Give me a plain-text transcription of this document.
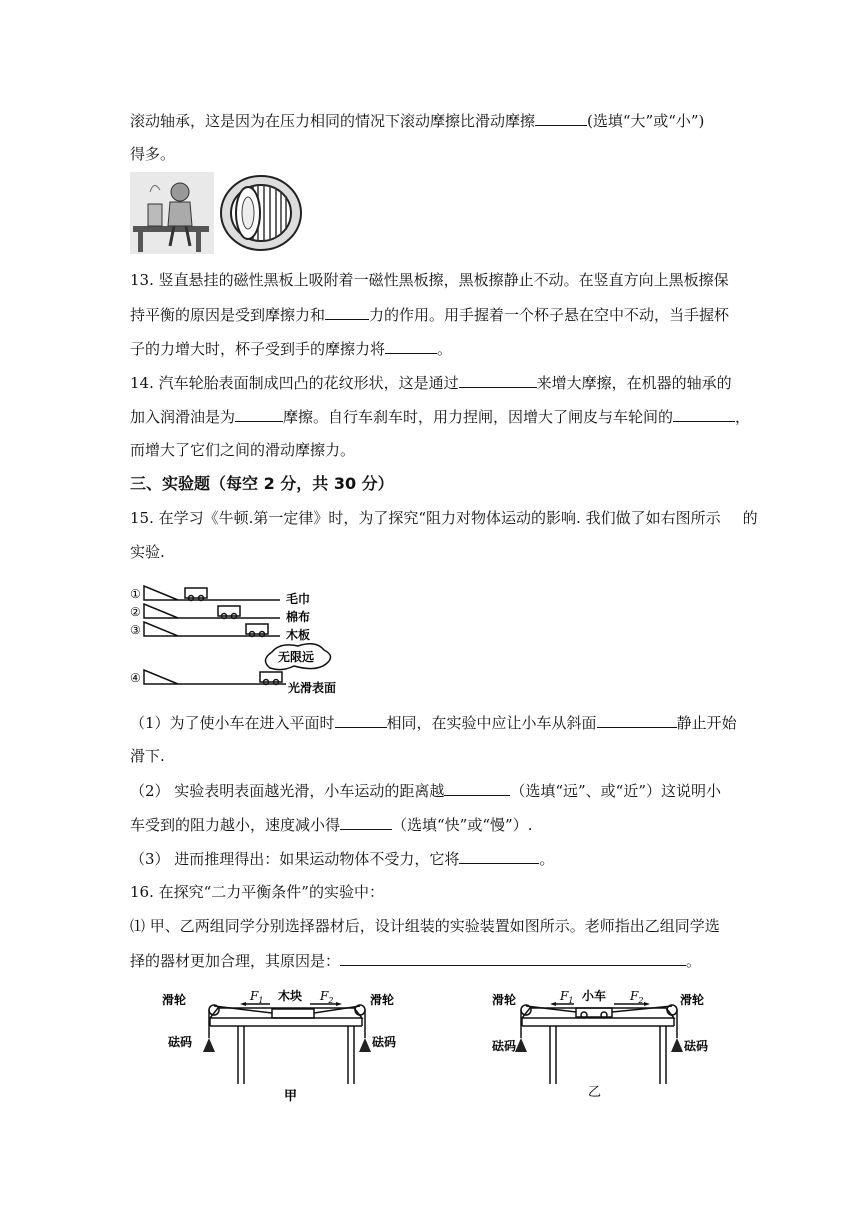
滚动轴承，这是因为在压力相同的情况下滚动摩擦比滑动摩擦	(选填“大”或“小”)
得多。
13. 竖直悬挂的磁性黑板上吸附着一磁性黑板擦，黑板擦静止不动。在竖直方向上黑板擦保
持平衡的原因是受到摩擦力和	力的作用。用手握着一个杯子悬在空中不动，当手握杯
子的力增大时，杯子受到手的摩擦力将	。
14. 汽车轮胎表面制成凹凸的花纹形状，这是通过	来增大摩擦，在机器的轴承的
加入润滑油是为	摩擦。自行车刹车时，用力捏闸，因增大了闸皮与车轮间的	，
而增大了它们之间的滑动摩擦力。
三、实验题（每空 2 分，共 30 分）
15. 在学习《牛顿.第一定律》时，为了探究“阻力对物体运动的影响. 我们做了如右图所示 的
实验.
①
②
③
④
毛巾
棉布
木板
光滑表面
无限远
（1）为了使小车在进入平面时	相同，在实验中应让小车从斜面	静止开始
滑下.
（2） 实验表明表面越光滑，小车运动的距离越	（选填“远”、或“近”）这说明小
车受到的阻力越小，速度减小得	（选填“快”或“慢”）.
（3） 进而推理得出：如果运动物体不受力，它将	。
16. 在探究“二力平衡条件”的实验中：
⑴ 甲、乙两组同学分别选择器材后，设计组装的实验装置如图所示。老师指出乙组同学选
择的器材更加合理，其原因是：	。
滑轮	滑轮
砝码	砝码
$F_1$ 木块 $F_2$
甲
滑轮	滑轮
砝码	砝码
$F_1$ 小车 $F_2$
乙
